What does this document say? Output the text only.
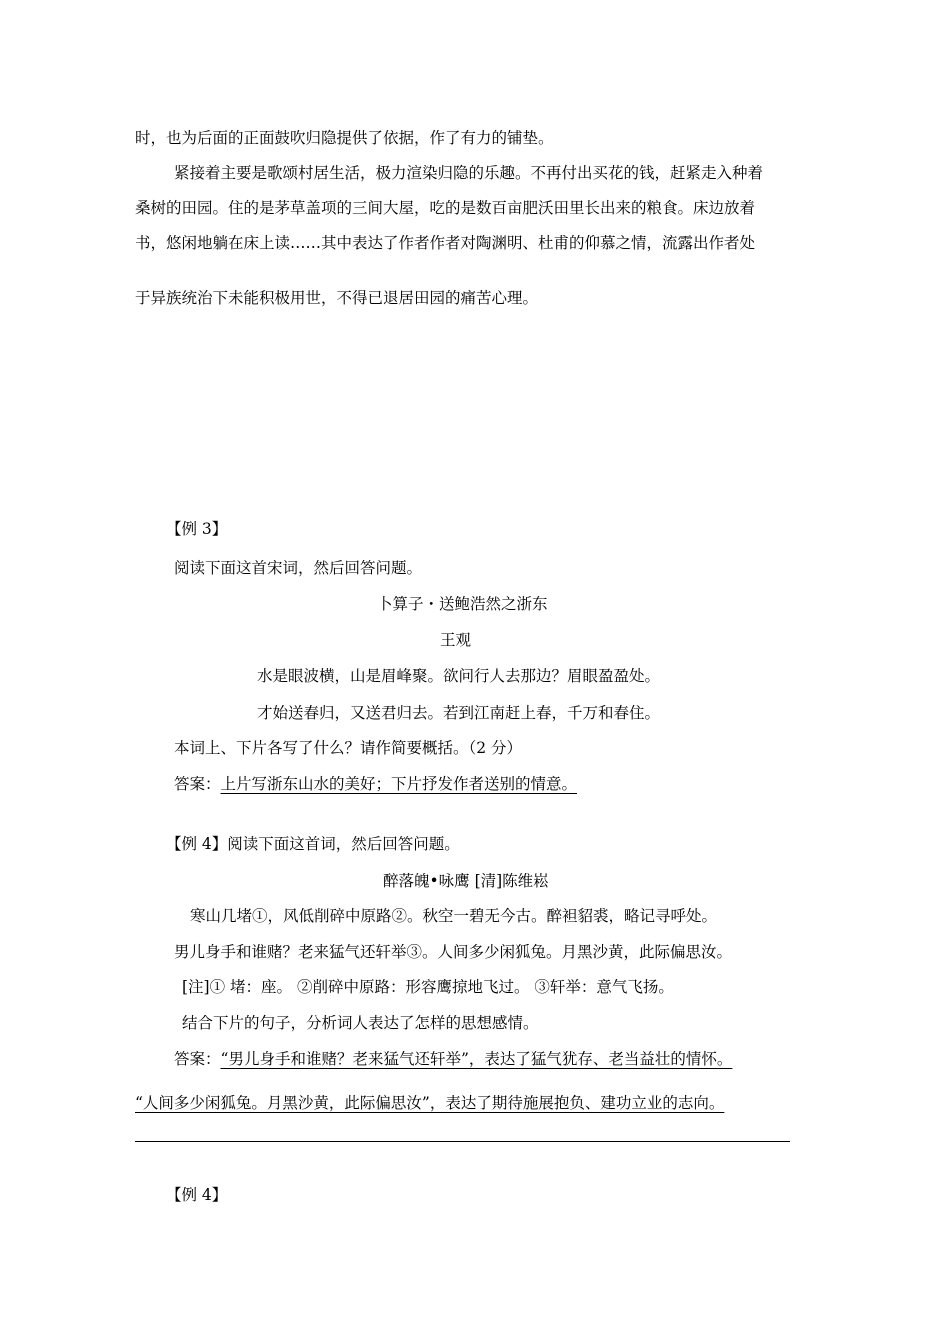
时，也为后面的正面鼓吹归隐提供了依据，作了有力的铺垫。
紧接着主要是歌颂村居生活，极力渲染归隐的乐趣。不再付出买花的钱，赶紧走入种着
桑树的田园。住的是茅草盖项的三间大屋，吃的是数百亩肥沃田里长出来的粮食。床边放着
书，悠闲地躺在床上读……其中表达了作者作者对陶渊明、杜甫的仰慕之情，流露出作者处
于异族统治下未能积极用世，不得已退居田园的痛苦心理。
【例 3】
阅读下面这首宋词，然后回答问题。
卜算子・送鲍浩然之浙东
王观
水是眼波横，山是眉峰聚。欲问行人去那边？眉眼盈盈处。
才始送春归，又送君归去。若到江南赶上春，千万和春住。
本词上、下片各写了什么？请作简要概括。（2 分）
答案：上片写浙东山水的美好；下片抒发作者送别的情意。
【例 4】阅读下面这首词，然后回答问题。
醉落魄•咏鹰 [清]陈维崧
寒山几堵①，风低削碎中原路②。秋空一碧无今古。醉袒貂裘，略记寻呼处。
男儿身手和谁赌？老来猛气还轩举③。人间多少闲狐兔。月黑沙黄，此际偏思汝。
[注]① 堵：座。 ②削碎中原路：形容鹰掠地飞过。 ③轩举：意气飞扬。
结合下片的句子，分析词人表达了怎样的思想感情。
答案：“男儿身手和谁赌？老来猛气还轩举”，表达了猛气犹存、老当益壮的情怀。
“人间多少闲狐兔。月黑沙黄，此际偏思汝”，表达了期待施展抱负、建功立业的志向。
【例 4】
